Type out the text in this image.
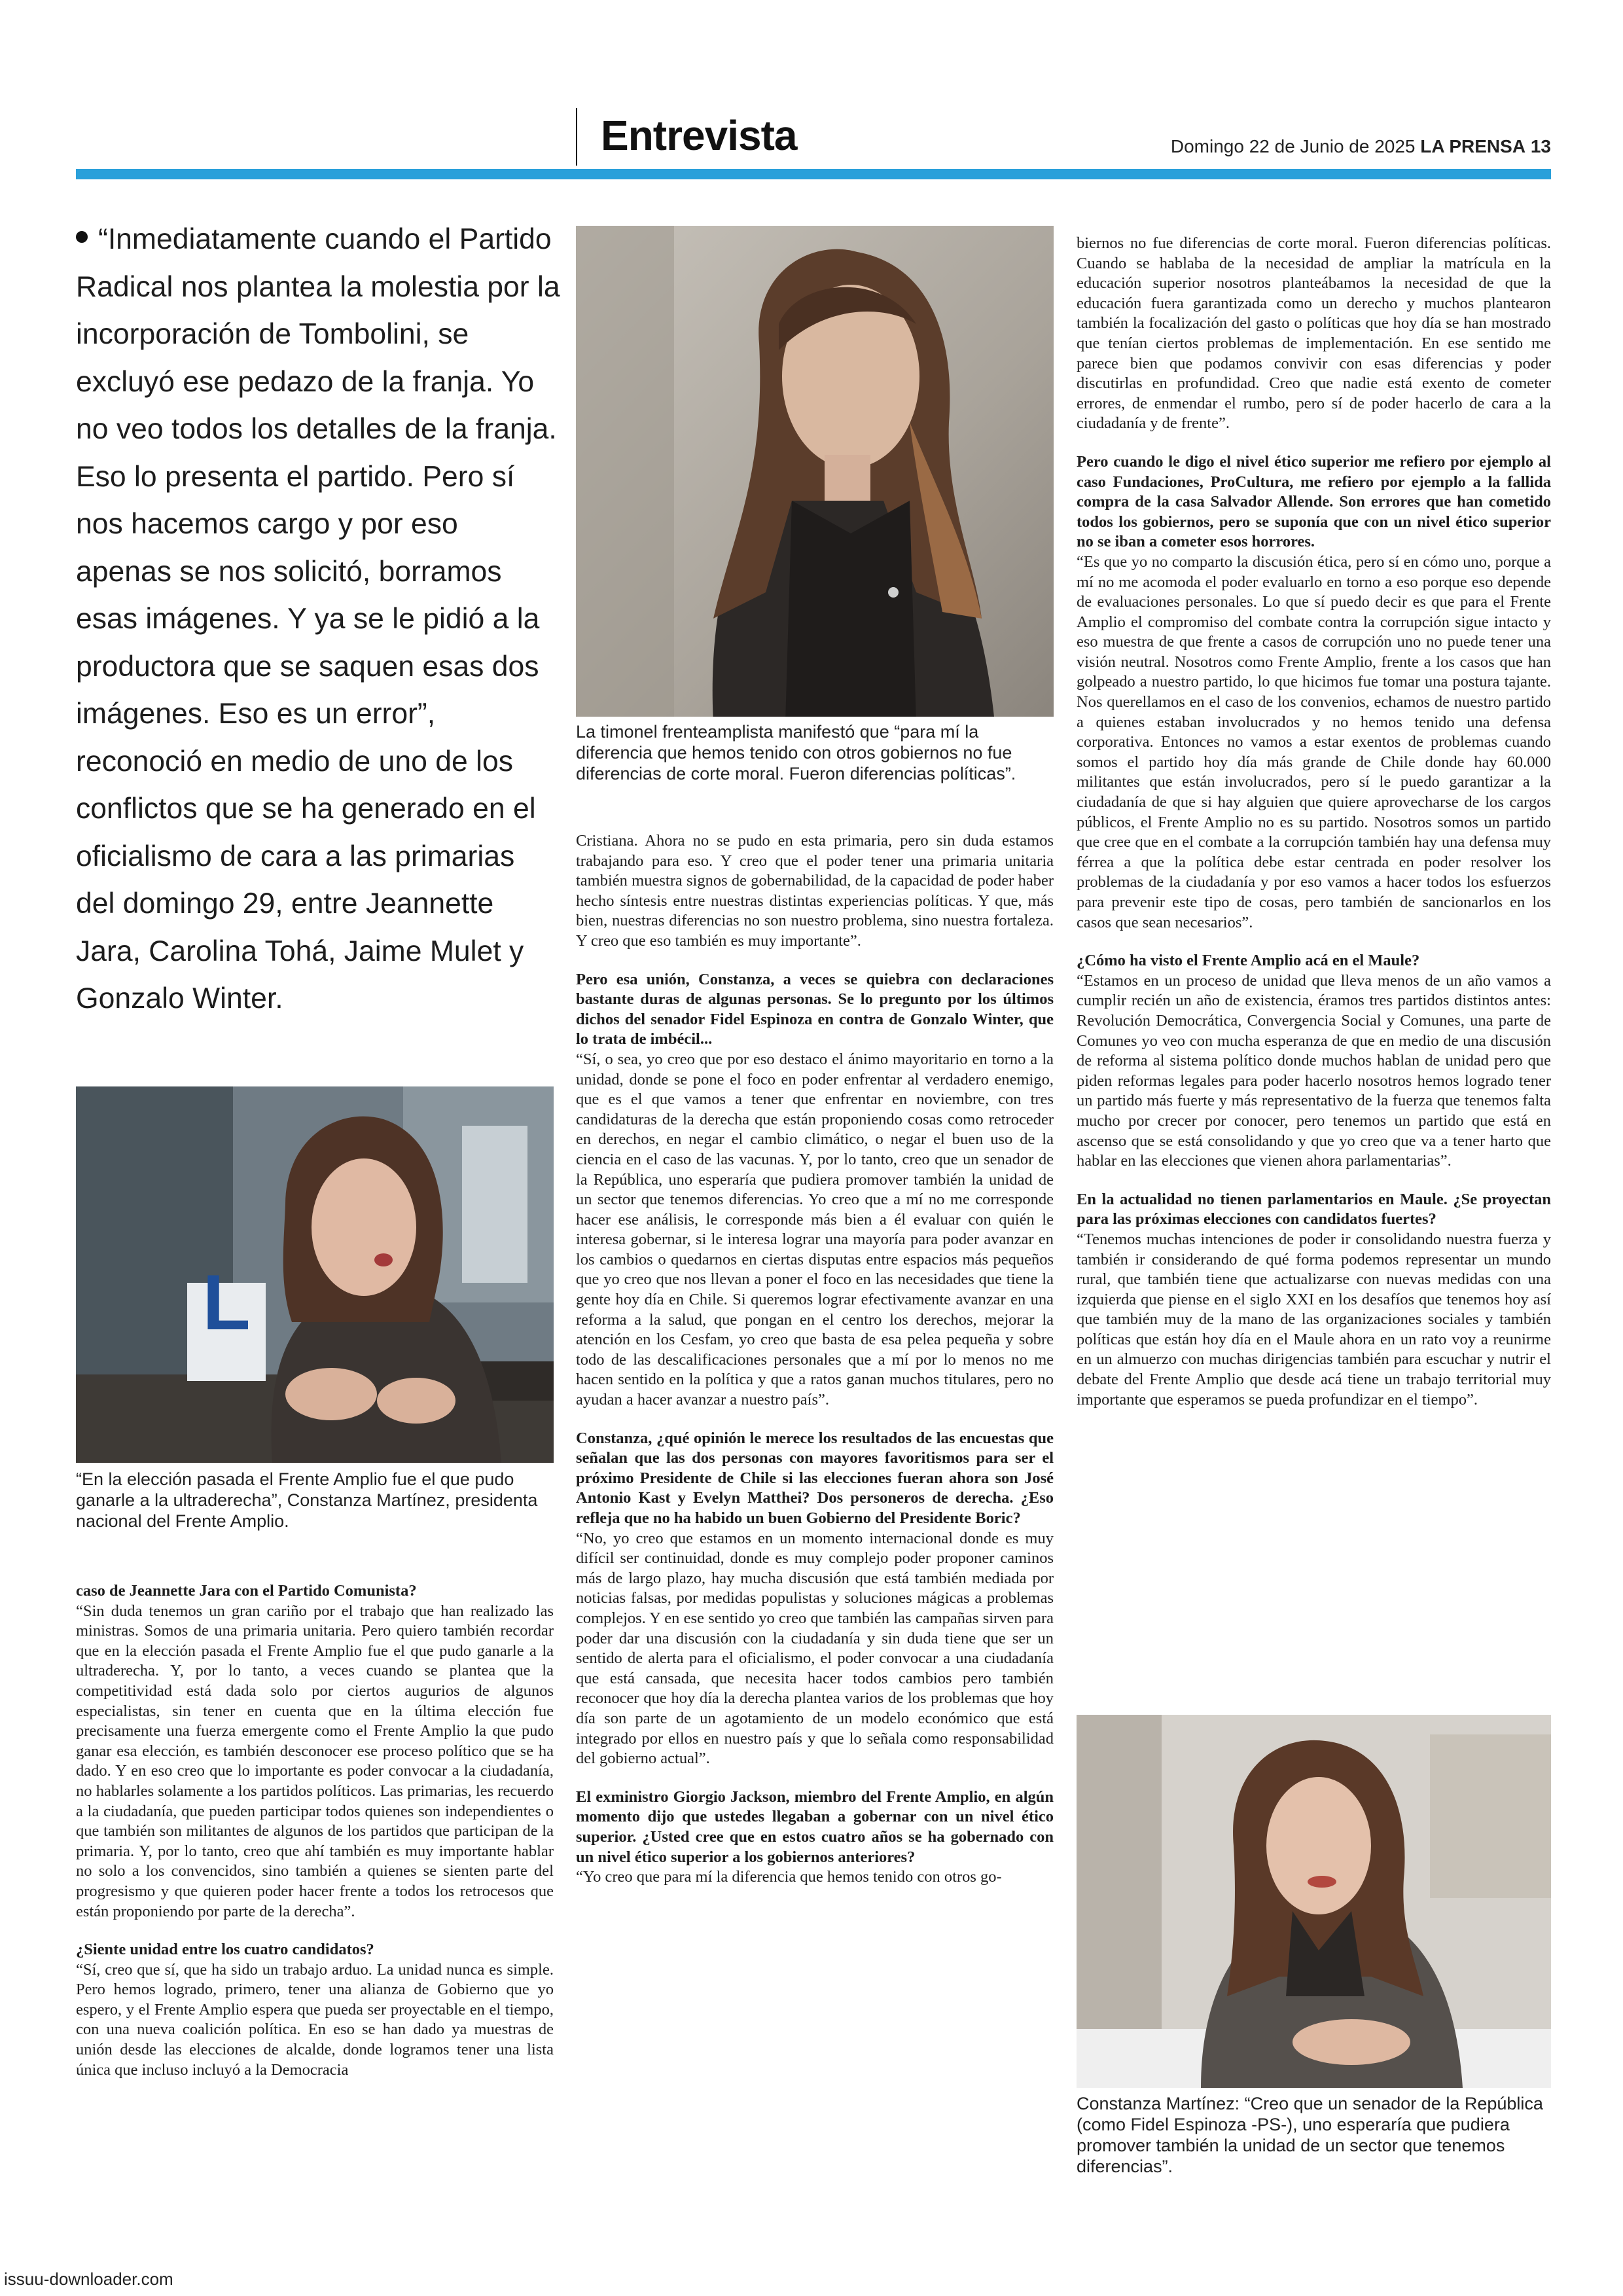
Entrevista	Domingo 22 de Junio de 2025 LA PRENSA 13
“Inmediatamente cuando el Partido Radical nos plantea la molestia por la incorporación de Tombolini, se excluyó ese pedazo de la franja. Yo no veo todos los detalles de la franja. Eso lo presenta el partido. Pero sí nos hacemos cargo y por eso apenas se nos solicitó, borramos esas imágenes. Y ya se le pidió a la productora que se saquen esas dos imágenes. Eso es un error”, reconoció en medio de uno de los conflictos que se ha generado en el oficialismo de cara a las primarias del domingo 29, entre Jeannette Jara, Carolina Tohá, Jaime Mulet y Gonzalo Winter.
La timonel frenteamplista manifestó que “para mí la diferencia que hemos tenido con otros gobiernos no fue diferencias de corte moral. Fueron diferencias políticas”.
L
“En la elección pasada el Frente Amplio fue el que pudo ganarle a la ultraderecha”, Constanza Martínez, presidenta nacional del Frente Amplio.
Constanza Martínez: “Creo que un senador de la República (como Fidel Espinoza -PS-), uno esperaría que pudiera promover también la unidad de un sector que tenemos diferencias”.

caso de Jeannette Jara con el Partido Comunista?

“Sin duda tenemos un gran cariño por el trabajo que han realizado las ministras. Somos de una primaria unitaria. Pero quiero también recordar que en la elección pasada el Frente Amplio fue el que pudo ganarle a la ultraderecha. Y, por lo tanto, a veces cuando se plantea que la competitividad está dada solo por ciertos augurios de algunos especialistas, sin tener en cuenta que en la última elección fue precisamente una fuerza emergente como el Frente Amplio la que pudo ganar esa elección, es también desconocer ese proceso político que se ha dado. Y en eso creo que lo importante es poder convocar a la ciudadanía, no hablarles solamente a los partidos políticos. Las primarias, les recuerdo a la ciudadanía, que pueden participar todos quienes son independientes o que también son militantes de algunos de los partidos que participan de la primaria. Y, por lo tanto, creo que ahí también es muy importante hablar no solo a los convencidos, sino también a quienes se sienten parte del progresismo y que quieren poder hacer frente a todos los retrocesos que están proponiendo por parte de la derecha”.

¿Siente unidad entre los cuatro candidatos?

“Sí, creo que sí, que ha sido un trabajo arduo. La unidad nunca es simple. Pero hemos logrado, primero, tener una alianza de Gobierno que yo espero, y el Frente Amplio espera que pueda ser proyectable en el tiempo, con una nueva coalición política. En eso se han dado ya muestras de unión desde las elecciones de alcalde, donde logramos tener una lista única que incluso incluyó a la Democracia

Cristiana. Ahora no se pudo en esta primaria, pero sin duda estamos trabajando para eso. Y creo que el poder tener una primaria unitaria también muestra signos de gobernabilidad, de la capacidad de poder haber hecho síntesis entre nuestras distintas experiencias políticas. Y que, más bien, nuestras diferencias no son nuestro problema, sino nuestra fortaleza. Y creo que eso también es muy importante”.

Pero esa unión, Constanza, a veces se quiebra con declaraciones bastante duras de algunas personas. Se lo pregunto por los últimos dichos del senador Fidel Espinoza en contra de Gonzalo Winter, que lo trata de imbécil...

“Sí, o sea, yo creo que por eso destaco el ánimo mayoritario en torno a la unidad, donde se pone el foco en poder enfrentar al verdadero enemigo, que es el que vamos a tener que enfrentar en noviembre, con tres candidaturas de la derecha que están proponiendo cosas como retroceder en derechos, en negar el cambio climático, o negar el buen uso de la ciencia en el caso de las vacunas. Y, por lo tanto, creo que un senador de la República, uno esperaría que pudiera promover también la unidad de un sector que tenemos diferencias. Yo creo que a mí no me corresponde hacer ese análisis, le corresponde más bien a él evaluar con quién le interesa gobernar, si le interesa lograr una mayoría para poder avanzar en los cambios o quedarnos en ciertas disputas entre espacios más pequeños que yo creo que nos llevan a poner el foco en las necesidades que tiene la gente hoy día en Chile. Si queremos lograr efectivamente avanzar en una reforma a la salud, que pongan en el centro los derechos, mejorar la atención en los Cesfam, yo creo que basta de esa pelea pequeña y sobre todo de las descalificaciones personales que a mí por lo menos no me hacen sentido en la política y que a ratos ganan muchos titulares, pero no ayudan a hacer avanzar a nuestro país”.

Constanza, ¿qué opinión le merece los resultados de las encuestas que señalan que las dos personas con mayores favoritismos para ser el próximo Presidente de Chile si las elecciones fueran ahora son José Antonio Kast y Evelyn Matthei? Dos personeros de derecha. ¿Eso refleja que no ha habido un buen Gobierno del Presidente Boric?

“No, yo creo que estamos en un momento internacional donde es muy difícil ser continuidad, donde es muy complejo poder proponer caminos más de largo plazo, hay mucha discusión que está también mediada por noticias falsas, por medidas populistas y soluciones mágicas a problemas complejos. Y en ese sentido yo creo que también las campañas sirven para poder dar una discusión con la ciudadanía y sin duda tiene que ser un sentido de alerta para el oficialismo, el poder convocar a una ciudadanía que está cansada, que necesita hacer todos cambios pero también reconocer que hoy día la derecha plantea varios de los problemas que hoy día son parte de un agotamiento de un modelo económico que está integrado por ellos en nuestro país y que lo señala como responsabilidad del gobierno actual”.

El exministro Giorgio Jackson, miembro del Frente Amplio, en algún momento dijo que ustedes llegaban a gobernar con un nivel ético superior. ¿Usted cree que en estos cuatro años se ha gobernado con un nivel ético superior a los gobiernos anteriores?

“Yo creo que para mí la diferencia que hemos tenido con otros go-

biernos no fue diferencias de corte moral. Fueron diferencias políticas. Cuando se hablaba de la necesidad de ampliar la matrícula en la educación superior nosotros planteábamos la necesidad de que la educación fuera garantizada como un derecho y muchos plantearon también la focalización del gasto o políticas que hoy día se han mostrado que tenían ciertos problemas de implementación. En ese sentido me parece bien que podamos convivir con esas diferencias y poder discutirlas en profundidad. Creo que nadie está exento de cometer errores, de enmendar el rumbo, pero sí de poder hacerlo de cara a la ciudadanía y de frente”.

Pero cuando le digo el nivel ético superior me refiero por ejemplo al caso Fundaciones, ProCultura, me refiero por ejemplo a la fallida compra de la casa Salvador Allende. Son errores que han cometido todos los gobiernos, pero se suponía que con un nivel ético superior no se iban a cometer esos horrores.

“Es que yo no comparto la discusión ética, pero sí en cómo uno, porque a mí no me acomoda el poder evaluarlo en torno a eso porque eso depende de evaluaciones personales. Lo que sí puedo decir es que para el Frente Amplio el compromiso del combate contra la corrupción sigue intacto y eso muestra de que frente a casos de corrupción uno no puede tener una visión neutral. Nosotros como Frente Amplio, frente a los casos que han golpeado a nuestro partido, lo que hicimos fue tomar una postura tajante. Nos querellamos en el caso de los convenios, echamos de nuestro partido a quienes estaban involucrados y no hemos tenido una defensa corporativa. Entonces no vamos a estar exentos de problemas cuando somos el partido hoy día más grande de Chile donde hay 60.000 militantes que están involucrados, pero sí le puedo garantizar a la ciudadanía de que si hay alguien que quiere aprovecharse de los cargos públicos, el Frente Amplio no es su partido. Nosotros somos un partido que cree que en el combate a la corrupción también hay una defensa muy férrea a que la política debe estar centrada en poder resolver los problemas de la ciudadanía y por eso vamos a hacer todos los esfuerzos para prevenir este tipo de cosas, pero también de sancionarlos en los casos que sean necesarios”.

¿Cómo ha visto el Frente Amplio acá en el Maule?

“Estamos en un proceso de unidad que lleva menos de un año vamos a cumplir recién un año de existencia, éramos tres partidos distintos antes: Revolución Democrática, Convergencia Social y Comunes, una parte de Comunes yo veo con mucha esperanza de que en medio de una discusión de reforma al sistema político donde muchos hablan de unidad pero que piden reformas legales para poder hacerlo nosotros hemos logrado tener un partido más fuerte y más representativo de la fuerza que tenemos falta mucho por crecer por conocer, pero tenemos un partido que está en ascenso que se está consolidando y que yo creo que va a tener harto que hablar en las elecciones que vienen ahora parlamentarias”.

En la actualidad no tienen parlamentarios en Maule. ¿Se proyectan para las próximas elecciones con candidatos fuertes?

“Tenemos muchas intenciones de poder ir consolidando nuestra fuerza y también ir considerando de qué forma podemos representar un mundo rural, que también tiene que actualizarse con nuevas medidas con una izquierda que piense en el siglo XXI en los desafíos que tenemos hoy así que también muy de la mano de las organizaciones sociales y también políticas que están hoy día en el Maule ahora en un rato voy a reunirme en un almuerzo con muchas dirigencias también para escuchar y nutrir el debate del Frente Amplio que desde acá tiene un trabajo territorial muy importante que esperamos se pueda profundizar en el tiempo”.

issuu-downloader.com
